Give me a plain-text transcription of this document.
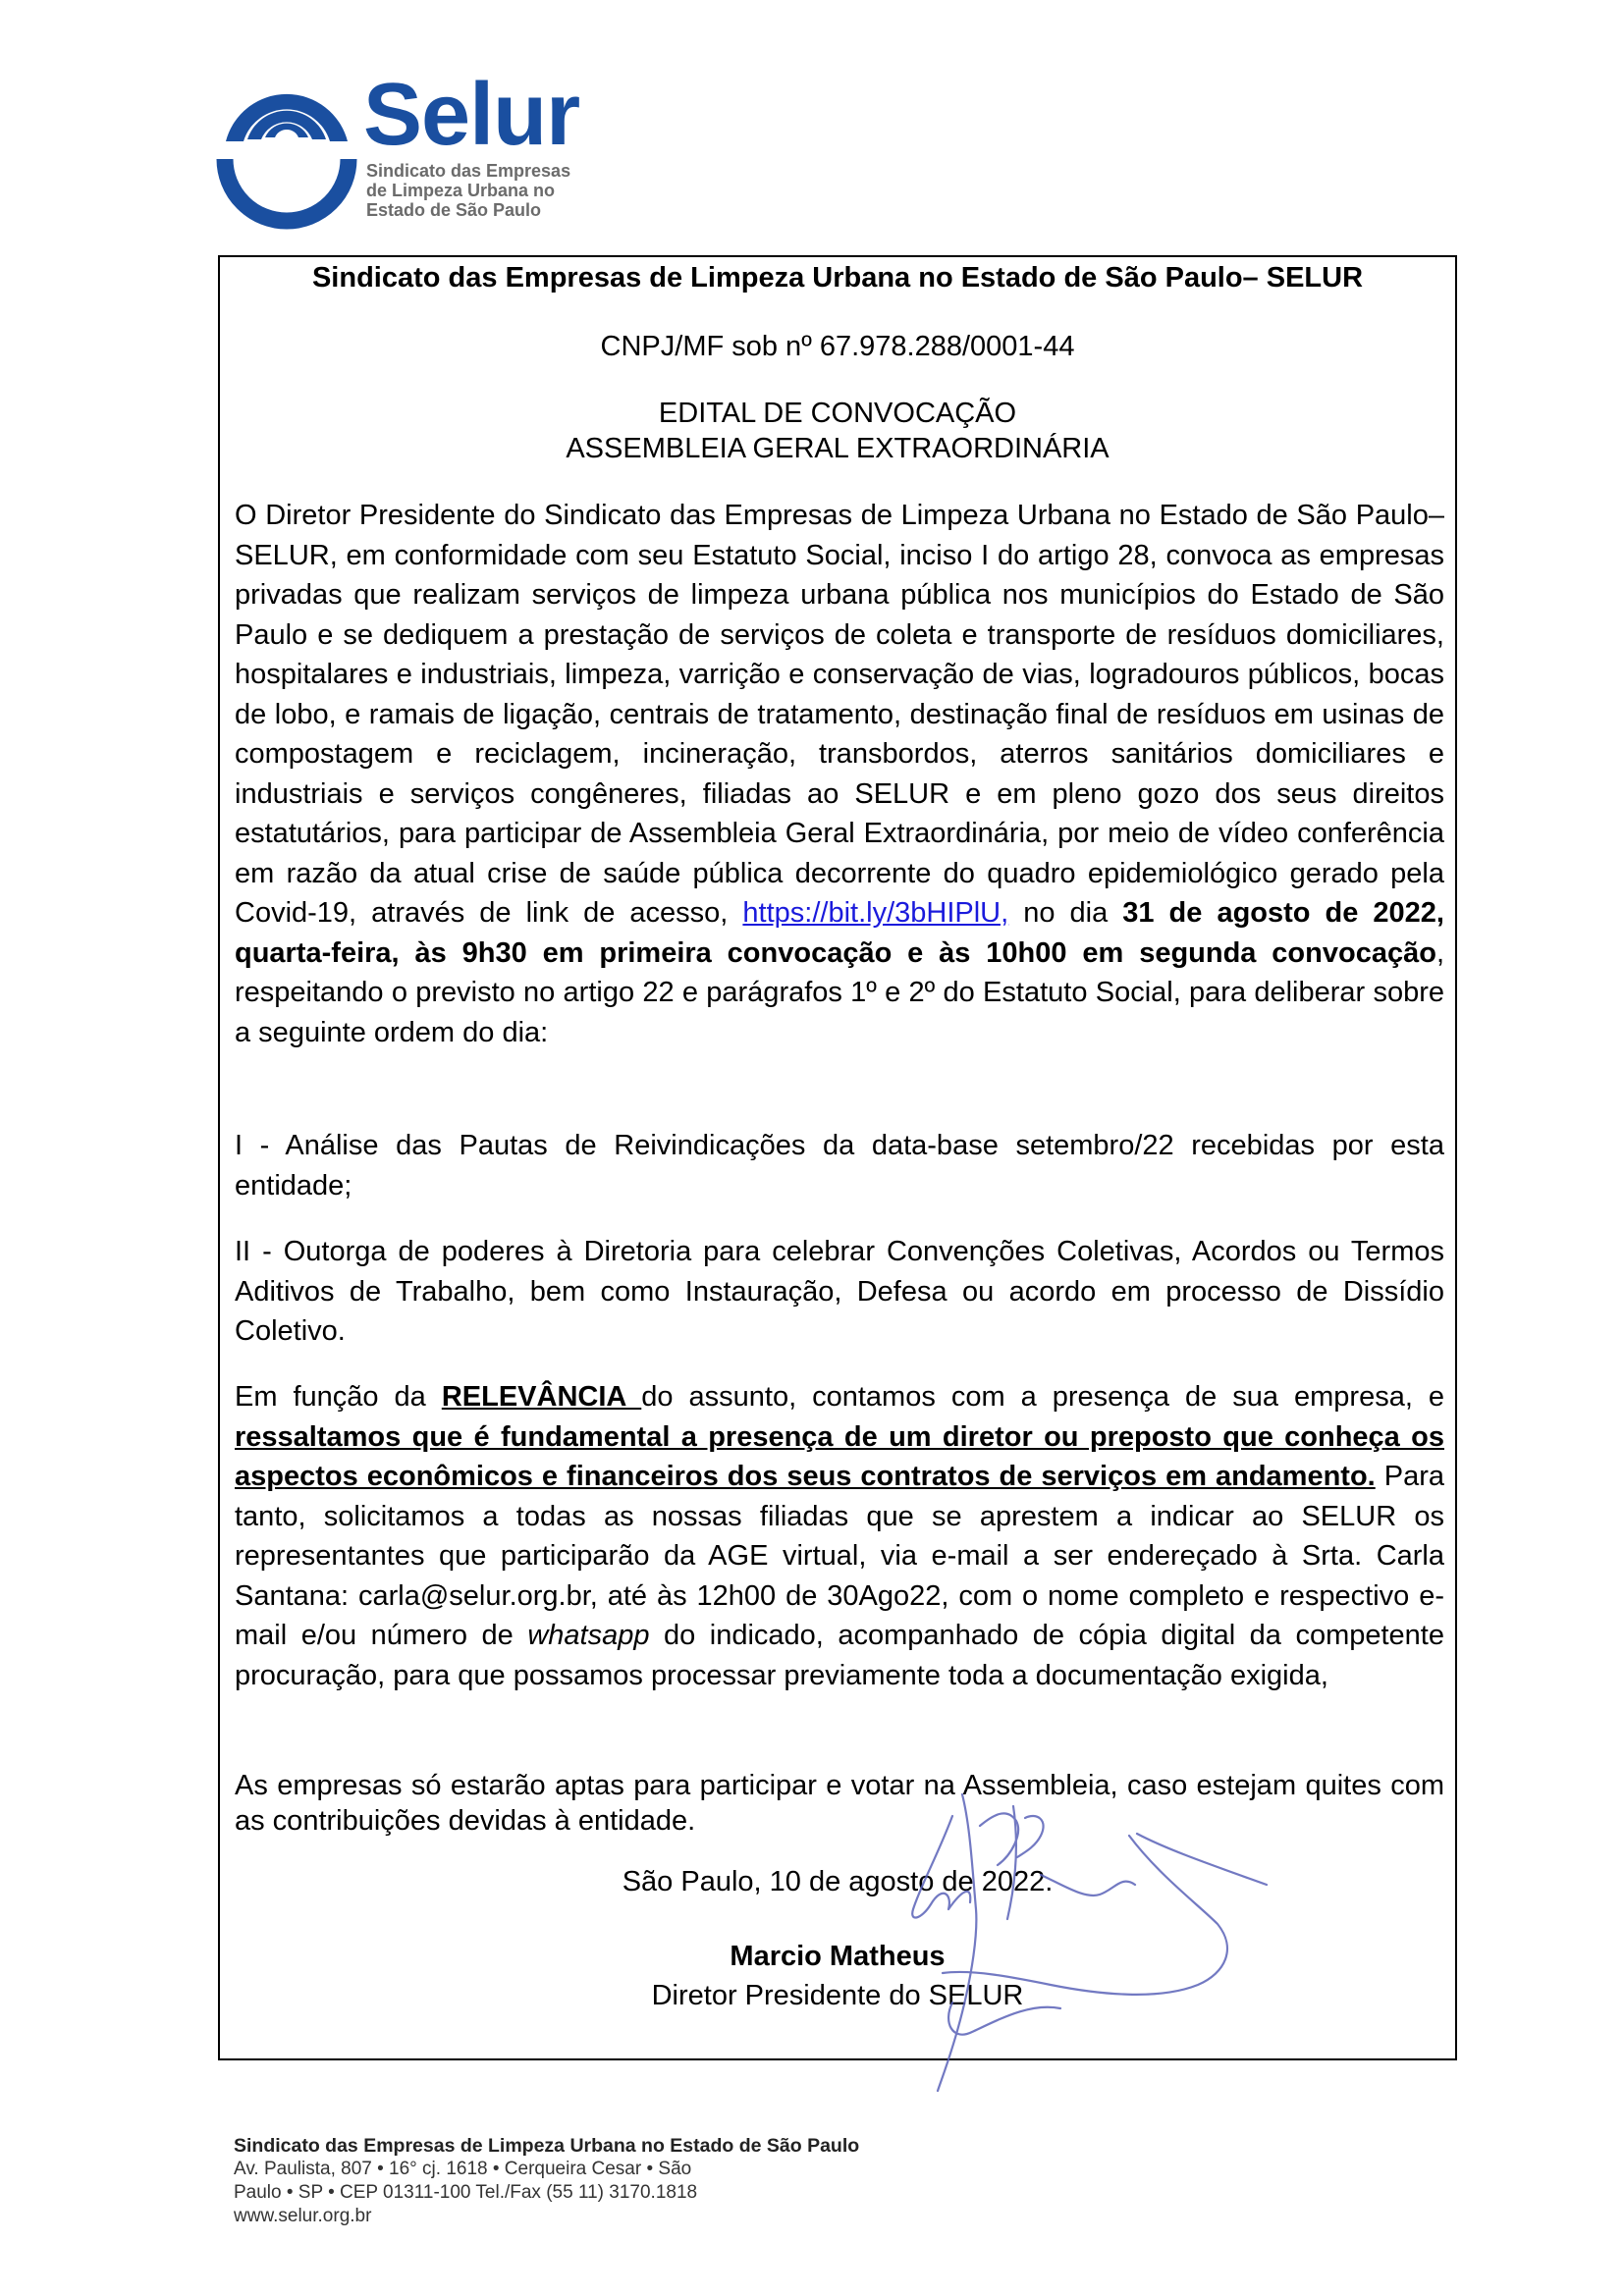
Selur
Sindicato das Empresas
de Limpeza Urbana no
Estado de São Paulo
Sindicato das Empresas de Limpeza Urbana no Estado de São Paulo– SELUR
CNPJ/MF sob nº 67.978.288/0001-44
EDITAL DE CONVOCAÇÃO
ASSEMBLEIA GERAL EXTRAORDINÁRIA
O Diretor Presidente do Sindicato das Empresas de Limpeza Urbana no Estado de São Paulo– SELUR, em conformidade com seu Estatuto Social, inciso I do artigo 28, convoca as empresas privadas que realizam serviços de limpeza urbana pública nos municípios do Estado de São Paulo e se dediquem a prestação de serviços de coleta e transporte de resíduos domiciliares, hospitalares e industriais, limpeza, varrição e conservação de vias, logradouros públicos, bocas de lobo, e ramais de ligação, centrais de tratamento, destinação final de resíduos em usinas de compostagem e reciclagem, incineração, transbordos, aterros sanitários domiciliares e industriais e serviços congêneres, filiadas ao SELUR e em pleno gozo dos seus direitos estatutários, para participar de Assembleia Geral Extraordinária, por meio de vídeo conferência em razão da atual crise de saúde pública decorrente do quadro epidemiológico gerado pela Covid-19, através de link de acesso, https://bit.ly/3bHIPlU, no dia 31 de agosto de 2022, quarta-feira, às 9h30 em primeira convocação e às 10h00 em segunda convocação, respeitando o previsto no artigo 22 e parágrafos 1º e 2º do Estatuto Social, para deliberar sobre a seguinte ordem do dia:
I - Análise das Pautas de Reivindicações da data-base setembro/22 recebidas por esta entidade;
II - Outorga de poderes à Diretoria para celebrar Convenções Coletivas, Acordos ou Termos Aditivos de Trabalho, bem como Instauração, Defesa ou acordo em processo de Dissídio Coletivo.
Em função da RELEVÂNCIA do assunto, contamos com a presença de sua empresa, e ressaltamos que é fundamental a presença de um diretor ou preposto que conheça os aspectos econômicos e financeiros dos seus contratos de serviços em andamento. Para tanto, solicitamos a todas as nossas filiadas que se aprestem a indicar ao SELUR os representantes que participarão da AGE virtual, via e-mail a ser endereçado à Srta. Carla Santana: carla@selur.org.br, até às 12h00 de 30Ago22, com o nome completo e respectivo e-mail e/ou número de whatsapp do indicado, acompanhado de cópia digital da competente procuração, para que possamos processar previamente toda a documentação exigida,
As empresas só estarão aptas para participar e votar na Assembleia, caso estejam quites com as contribuições devidas à entidade.
São Paulo, 10 de agosto de 2022.
Marcio Matheus
Diretor Presidente do SELUR
Sindicato das Empresas de Limpeza Urbana no Estado de São Paulo
Av. Paulista, 807 • 16° cj. 1618 • Cerqueira Cesar • São
Paulo • SP • CEP 01311-100 Tel./Fax (55 11) 3170.1818
www.selur.org.br
